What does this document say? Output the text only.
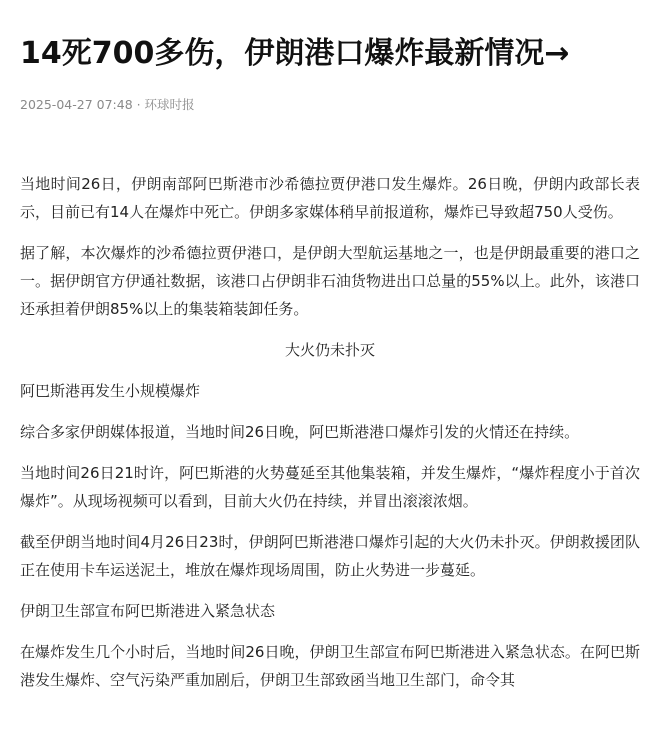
14死700多伤，伊朗港口爆炸最新情况→
2025-04-27 07:48 · 环球时报

当地时间26日，伊朗南部阿巴斯港市沙希德拉贾伊港口发生爆炸。26日晚，伊朗内政部长表示，目前已有14人在爆炸中死亡。伊朗多家媒体稍早前报道称，爆炸已导致超750人受伤。

据了解，本次爆炸的沙希德拉贾伊港口，是伊朗大型航运基地之一，也是伊朗最重要的港口之一。据伊朗官方伊通社数据，该港口占伊朗非石油货物进出口总量的55%以上。此外，该港口还承担着伊朗85%以上的集装箱装卸任务。

大火仍未扑灭

阿巴斯港再发生小规模爆炸

综合多家伊朗媒体报道，当地时间26日晚，阿巴斯港港口爆炸引发的火情还在持续。

当地时间26日21时许，阿巴斯港的火势蔓延至其他集装箱，并发生爆炸，“爆炸程度小于首次爆炸”。从现场视频可以看到，目前大火仍在持续，并冒出滚滚浓烟。

截至伊朗当地时间4月26日23时，伊朗阿巴斯港港口爆炸引起的大火仍未扑灭。伊朗救援团队正在使用卡车运送泥土，堆放在爆炸现场周围，防止火势进一步蔓延。

伊朗卫生部宣布阿巴斯港进入紧急状态

在爆炸发生几个小时后，当地时间26日晚，伊朗卫生部宣布阿巴斯港进入紧急状态。在阿巴斯港发生爆炸、空气污染严重加剧后，伊朗卫生部致函当地卫生部门，命令其
